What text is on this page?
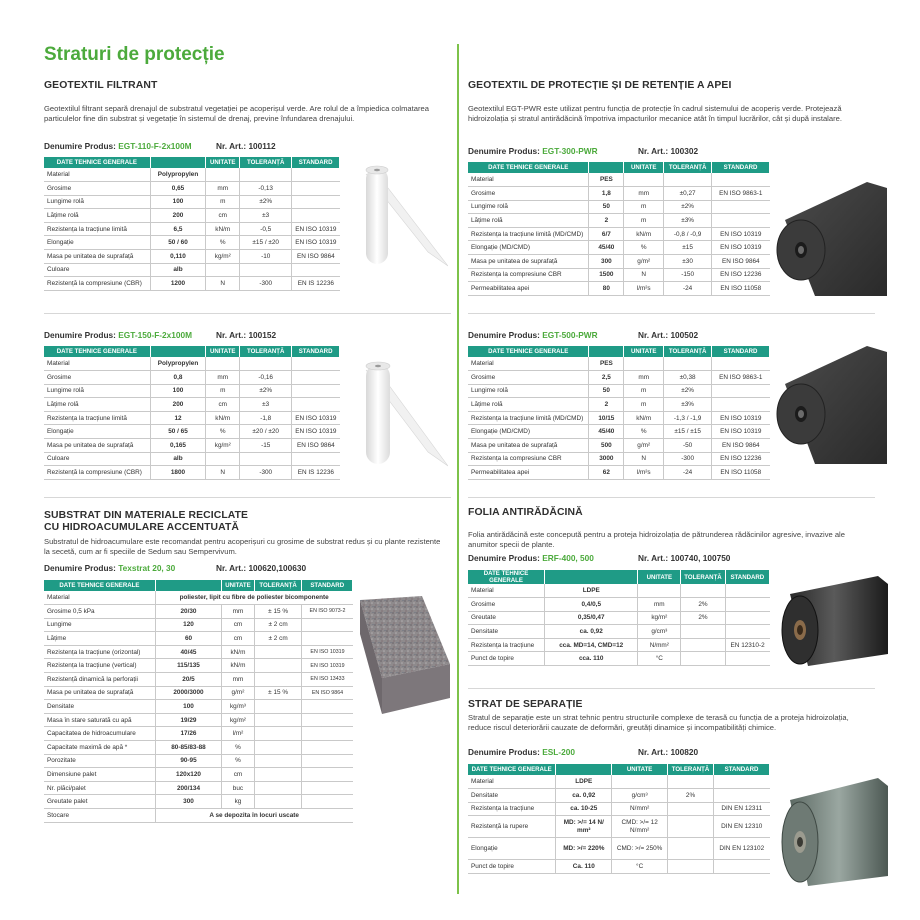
Straturi de protecție
GEOTEXTIL FILTRANT
Geotextilul filtrant separă drenajul de substratul vegetației pe acoperișul verde. Are rolul de a împiedica colmatarea particulelor fine din substrat și vegetație în sistemul de drenaj, previne înfundarea drenajului.
Denumire Produs: EGT-110-F-2x100M	Nr. Art.: 100112
DATE TEHNICE GENERALE		UNITATE	TOLERANȚĂ	STANDARD
Material	Polypropylen			
Grosime	0,65	mm	-0,13	
Lungime rolă	100	m	±2%	
Lățime rolă	200	cm	±3	
Rezistența la tracțiune limită	6,5	kN/m	-0,5	EN ISO 10319
Elongație	50 / 60	%	±15 / ±20	EN ISO 10319
Masa pe unitatea de suprafață	0,110	kg/m²	-10	EN ISO 9864
Culoare	alb			
Rezistență la compresiune (CBR)	1200	N	-300	EN IS 12236
Denumire Produs: EGT-150-F-2x100M	Nr. Art.: 100152
DATE TEHNICE GENERALE		UNITATE	TOLERANȚĂ	STANDARD
Material	Polypropylen			
Grosime	0,8	mm	-0,16	
Lungime rolă	100	m	±2%	
Lățime rolă	200	cm	±3	
Rezistența la tracțiune limită	12	kN/m	-1,8	EN ISO 10319
Elongație	50 / 65	%	±20 / ±20	EN ISO 10319
Masa pe unitatea de suprafață	0,165	kg/m²	-15	EN ISO 9864
Culoare	alb			
Rezistență la compresiune (CBR)	1800	N	-300	EN IS 12236
SUBSTRAT DIN MATERIALE RECICLATE
CU HIDROACUMULARE ACCENTUATĂ
Substratul de hidroacumulare este recomandat pentru acoperișuri cu grosime de substrat redus și cu plante rezistente la secetă, cum ar fi speciile de Sedum sau Sempervivum.
Denumire Produs: Texstrat 20, 30	Nr. Art.: 100620,100630
DATE TEHNICE GENERALE		UNITATE	TOLERANȚĂ	STANDARD
Material	poliester, lipit cu fibre de poliester bicomponente			
Grosime 0,5 kPa	20/30	mm	± 15 %	EN ISO 9073-2
Lungime	120	cm	± 2 cm	
Lățime	60	cm	± 2 cm	
Rezistența la tracțiune (orizontal)	40/45	kN/m		EN ISO 10319
Rezistența la tracțiune (vertical)	115/135	kN/m		EN ISO 10319
Rezistență dinamică la perforații	20/5	mm		EN ISO 13433
Masa pe unitatea de suprafață	2000/3000	g/m²	± 15 %	EN ISO 9864
Densitate	100	kg/m³		
Masa în stare saturată cu apă	19/29	kg/m²		
Capacitatea de hidroacumulare	17/26	l/m²		
Capacitate maximă de apă *	80-85/83-88	%		
Porozitate	90-95	%		
Dimensiune palet	120x120	cm		
Nr. plăci/palet	200/134	buc		
Greutate palet	300	kg		
Stocare	A se depozita în locuri uscate			
GEOTEXTIL DE PROTECȚIE ȘI DE RETENȚIE A APEI
Geotextilul EGT-PWR este utilizat pentru funcția de protecție în cadrul sistemului de acoperiș verde. Protejează hidroizolația și stratul antirădăcină împotriva impacturilor mecanice atât în timpul lucrărilor, cât și după instalare.
Denumire Produs: EGT-300-PWR	Nr. Art.: 100302
DATE TEHNICE GENERALE		UNITATE	TOLERANȚĂ	STANDARD
Material	PES			
Grosime	1,8	mm	±0,27	EN ISO 9863-1
Lungime rolă	50	m	±2%	
Lățime rolă	2	m	±3%	
Rezistența la tracțiune limită (MD/CMD)	6/7	kN/m	-0,8 / -0,9	EN ISO 10319
Elongație (MD/CMD)	45/40	%	±15	EN ISO 10319
Masa pe unitatea de suprafață	300	g/m²	±30	EN ISO 9864
Rezistența la compresiune CBR	1500	N	-150	EN ISO 12236
Permeabilitatea apei	80	l/m²s	-24	EN ISO 11058
Denumire Produs: EGT-500-PWR	Nr. Art.: 100502
DATE TEHNICE GENERALE		UNITATE	TOLERANȚĂ	STANDARD
Material	PES			
Grosime	2,5	mm	±0,38	EN ISO 9863-1
Lungime rolă	50	m	±2%	
Lățime rolă	2	m	±3%	
Rezistența la tracțiune limită (MD/CMD)	10/15	kN/m	-1,3 / -1,9	EN ISO 10319
Elongație (MD/CMD)	45/40	%	±15 / ±15	EN ISO 10319
Masa pe unitatea de suprafață	500	g/m²	-50	EN ISO 9864
Rezistența la compresiune CBR	3000	N	-300	EN ISO 12236
Permeabilitatea apei	62	l/m²s	-24	EN ISO 11058
FOLIA ANTIRĂDĂCINĂ
Folia antirădăcină este concepută pentru a proteja hidroizolația de pătrunderea rădăcinilor agresive, invazive ale anumitor specii de plante.
Denumire Produs: ERF-400, 500	Nr. Art.: 100740, 100750
DATE TEHNICE GENERALE		UNITATE	TOLERANȚĂ	STANDARD
Material	LDPE			
Grosime	0,4/0,5	mm	2%	
Greutate	0,35/0,47	kg/m²	2%	
Densitate	ca. 0,92	g/cm³		
Rezistența la tracțiune	cca. MD=14, CMD=12	N/mm²		EN 12310-2
Punct de topire	cca. 110	°C		
STRAT DE SEPARAȚIE
Stratul de separație este un strat tehnic pentru structurile complexe de terasă cu funcția de a proteja hidroizolația, reduce riscul deteriorării cauzate de deformări, greutăți dinamice și incompatibilități chimice.
Denumire Produs: ESL-200	Nr. Art.: 100820
DATE TEHNICE GENERALE		UNITATE	TOLERANȚĂ	STANDARD
Material	LDPE			
Densitate	ca. 0,92	g/cm³	2%	
Rezistența la tracțiune	ca. 10-25	N/mm²		DIN EN 12311
Rezistență la rupere	MD: >/= 14 N/ mm²	CMD: >/= 12 N/mm²		DIN EN 12310
Elongație	MD: >/= 220%	CMD: >/= 250%		DIN EN 123102
Punct de topire	Ca. 110	°C		
